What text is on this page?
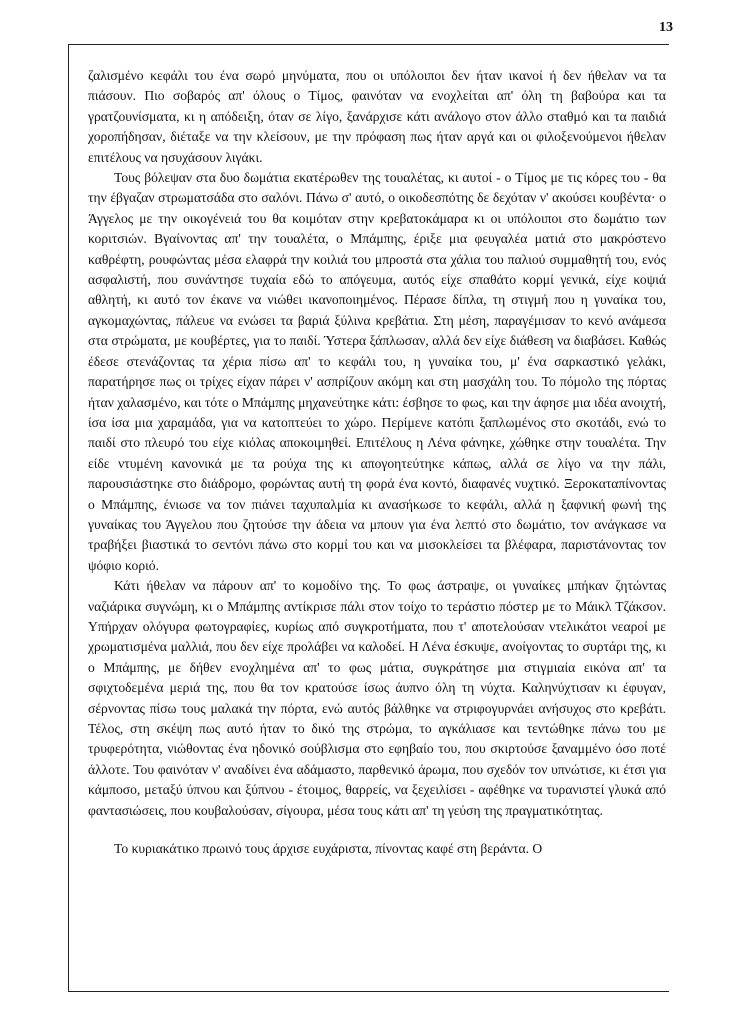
13

ζαλισμένο κεφάλι του ένα σωρό μηνύματα, που οι υπόλοιποι δεν ήταν ικανοί ή δεν ήθελαν να τα πιάσουν. Πιο σοβαρός απ' όλους ο Τίμος, φαινόταν να ενοχλείται απ' όλη τη βαβούρα και τα γρατζουνίσματα, κι η απόδειξη, όταν σε λίγο, ξανάρχισε κάτι ανάλογο στον άλλο σταθμό και τα παιδιά χοροπήδησαν, διέταξε να την κλείσουν, με την πρόφαση πως ήταν αργά και οι φιλοξενούμενοι ήθελαν επιτέλους να ησυχάσουν λιγάκι.

Τους βόλεψαν στα δυο δωμάτια εκατέρωθεν της τουαλέτας, κι αυτοί - ο Τίμος με τις κόρες του - θα την έβγαζαν στρωματσάδα στο σαλόνι. Πάνω σ' αυτό, ο οικοδεσπότης δε δεχόταν ν' ακούσει κουβέντα· ο Άγγελος με την οικογένειά του θα κοιμόταν στην κρεβατοκάμαρα κι οι υπόλοιποι στο δωμάτιο των κοριτσιών. Βγαίνοντας απ' την τουαλέτα, ο Μπάμπης, έριξε μια φευγαλέα ματιά στο μακρόστενο καθρέφτη, ρουφώντας μέσα ελαφρά την κοιλιά του μπροστά στα χάλια του παλιού συμμαθητή του, ενός ασφαλιστή, που συνάντησε τυχαία εδώ το απόγευμα, αυτός είχε σπαθάτο κορμί γενικά, είχε κοψιά αθλητή, κι αυτό τον έκανε να νιώθει ικανοποιημένος. Πέρασε δίπλα, τη στιγμή που η γυναίκα του, αγκομαχώντας, πάλευε να ενώσει τα βαριά ξύλινα κρεβάτια. Στη μέση, παραγέμισαν το κενό ανάμεσα στα στρώματα, με κουβέρτες, για το παιδί. Ύστερα ξάπλωσαν, αλλά δεν είχε διάθεση να διαβάσει. Καθώς έδεσε στενάζοντας τα χέρια πίσω απ' το κεφάλι του, η γυναίκα του, μ' ένα σαρκαστικό γελάκι, παρατήρησε πως οι τρίχες είχαν πάρει ν' ασπρίζουν ακόμη και στη μασχάλη του. Το πόμολο της πόρτας ήταν χαλασμένο, και τότε ο Μπάμπης μηχανεύτηκε κάτι: έσβησε το φως, και την άφησε μια ιδέα ανοιχτή, ίσα ίσα μια χαραμάδα, για να κατοπτεύει το χώρο. Περίμενε κατόπι ξαπλωμένος στο σκοτάδι, ενώ το παιδί στο πλευρό του είχε κιόλας αποκοιμηθεί. Επιτέλους η Λένα φάνηκε, χώθηκε στην τουαλέτα. Την είδε ντυμένη κανονικά με τα ρούχα της κι απογοητεύτηκε κάπως, αλλά σε λίγο να την πάλι, παρουσιάστηκε στο διάδρομο, φορώντας αυτή τη φορά ένα κοντό, διαφανές νυχτικό. Ξεροκαταπίνοντας ο Μπάμπης, ένιωσε να τον πιάνει ταχυπαλμία κι ανασήκωσε το κεφάλι, αλλά η ξαφνική φωνή της γυναίκας του Άγγελου που ζητούσε την άδεια να μπουν για ένα λεπτό στο δωμάτιο, τον ανάγκασε να τραβήξει βιαστικά το σεντόνι πάνω στο κορμί του και να μισοκλείσει τα βλέφαρα, παριστάνοντας τον ψόφιο κοριό.

Κάτι ήθελαν να πάρουν απ' το κομοδίνο της. Το φως άστραψε, οι γυναίκες μπήκαν ζητώντας ναζιάρικα συγνώμη, κι ο Μπάμπης αντίκρισε πάλι στον τοίχο το τεράστιο πόστερ με το Μάικλ Τζάκσον. Υπήρχαν ολόγυρα φωτογραφίες, κυρίως από συγκροτήματα, που τ' αποτελούσαν ντελικάτοι νεαροί με χρωματισμένα μαλλιά, που δεν είχε προλάβει να καλοδεί. Η Λένα έσκυψε, ανοίγοντας το συρτάρι της, κι ο Μπάμπης, με δήθεν ενοχλημένα απ' το φως μάτια, συγκράτησε μια στιγμιαία εικόνα απ' τα σφιχτοδεμένα μεριά της, που θα τον κρατούσε ίσως άυπνο όλη τη νύχτα. Καληνύχτισαν κι έφυγαν, σέρνοντας πίσω τους μαλακά την πόρτα, ενώ αυτός βάλθηκε να στριφογυρνάει ανήσυχος στο κρεβάτι. Τέλος, στη σκέψη πως αυτό ήταν το δικό της στρώμα, το αγκάλιασε και τεντώθηκε πάνω του με τρυφερότητα, νιώθοντας ένα ηδονικό σούβλισμα στο εφηβαίο του, που σκιρτούσε ξαναμμένο όσο ποτέ άλλοτε. Του φαινόταν ν' αναδίνει ένα αδάμαστο, παρθενικό άρωμα, που σχεδόν τον υπνώτισε, κι έτσι για κάμποσο, μεταξύ ύπνου και ξύπνου - έτοιμος, θαρρείς, να ξεχειλίσει - αφέθηκε να τυρανιστεί γλυκά από φαντασιώσεις, που κουβαλούσαν, σίγουρα, μέσα τους κάτι απ' τη γεύση της πραγματικότητας.

Το κυριακάτικο πρωινό τους άρχισε ευχάριστα, πίνοντας καφέ στη βεράντα. Ο
